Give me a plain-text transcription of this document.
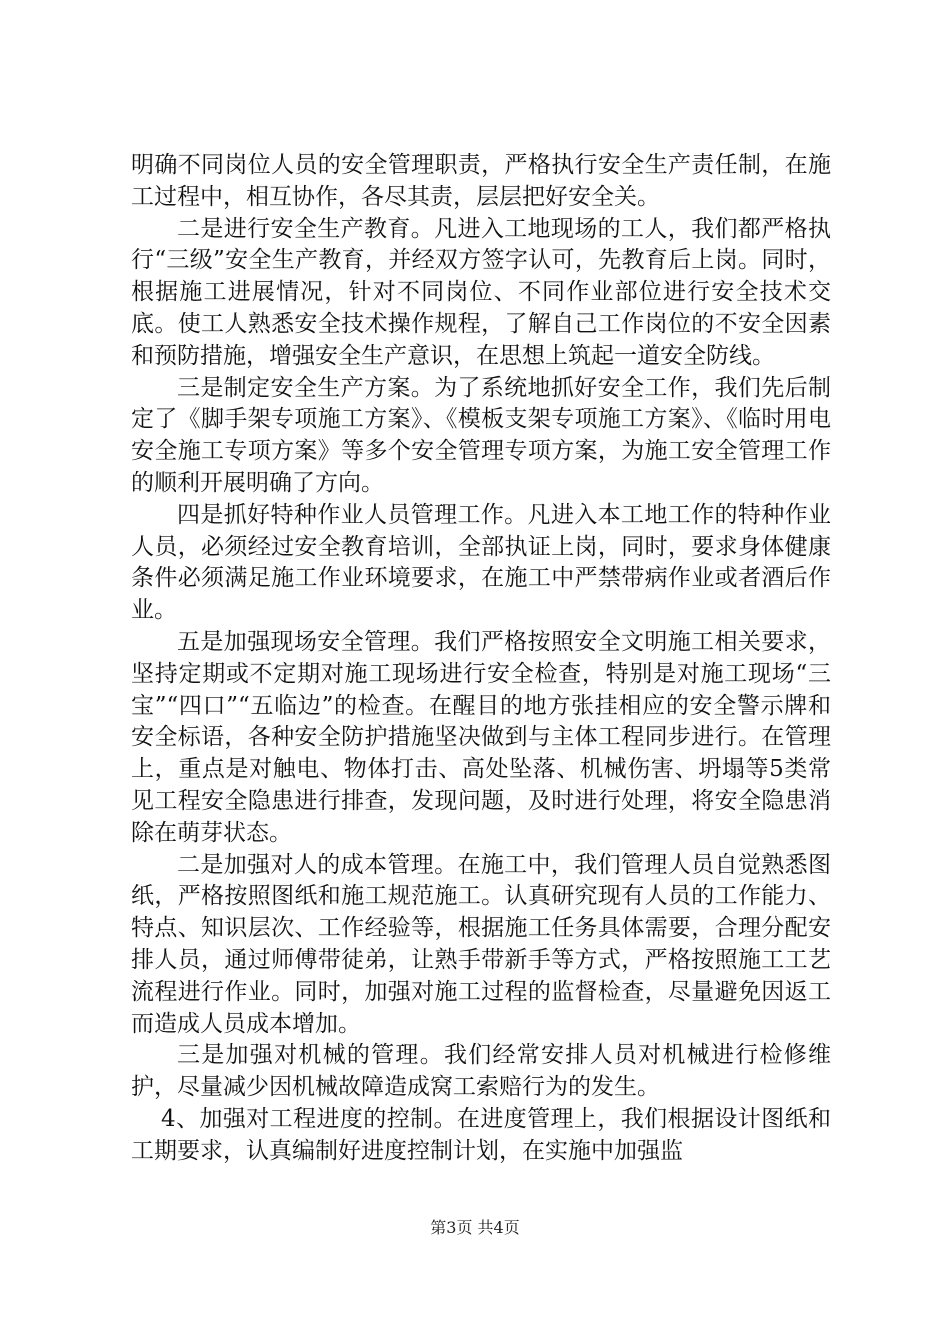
明确不同岗位人员的安全管理职责，严格执行安全生产责任制，在施工过程中，相互协作，各尽其责，层层把好安全关。

二是进行安全生产教育。凡进入工地现场的工人，我们都严格执行“三级”安全生产教育，并经双方签字认可，先教育后上岗。同时，根据施工进展情况，针对不同岗位、不同作业部位进行安全技术交底。使工人熟悉安全技术操作规程，了解自己工作岗位的不安全因素和预防措施，增强安全生产意识，在思想上筑起一道安全防线。

三是制定安全生产方案。为了系统地抓好安全工作，我们先后制定了《脚手架专项施工方案》、《模板支架专项施工方案》、《临时用电安全施工专项方案》等多个安全管理专项方案，为施工安全管理工作的顺利开展明确了方向。

四是抓好特种作业人员管理工作。凡进入本工地工作的特种作业人员，必须经过安全教育培训，全部执证上岗，同时，要求身体健康条件必须满足施工作业环境要求，在施工中严禁带病作业或者酒后作业。

五是加强现场安全管理。我们严格按照安全文明施工相关要求，坚持定期或不定期对施工现场进行安全检查，特别是对施工现场“三宝”“四口”“五临边”的检查。在醒目的地方张挂相应的安全警示牌和安全标语，各种安全防护措施坚决做到与主体工程同步进行。在管理上，重点是对触电、物体打击、高处坠落、机械伤害、坍塌等5类常见工程安全隐患进行排查，发现问题，及时进行处理，将安全隐患消除在萌芽状态。

二是加强对人的成本管理。在施工中，我们管理人员自觉熟悉图纸，严格按照图纸和施工规范施工。认真研究现有人员的工作能力、特点、知识层次、工作经验等，根据施工任务具体需要，合理分配安排人员，通过师傅带徒弟，让熟手带新手等方式，严格按照施工工艺流程进行作业。同时，加强对施工过程的监督检查，尽量避免因返工而造成人员成本增加。

三是加强对机械的管理。我们经常安排人员对机械进行检修维护，尽量减少因机械故障造成窝工索赔行为的发生。

4、加强对工程进度的控制。在进度管理上，我们根据设计图纸和工期要求，认真编制好进度控制计划，在实施中加强监

第3页 共4页
